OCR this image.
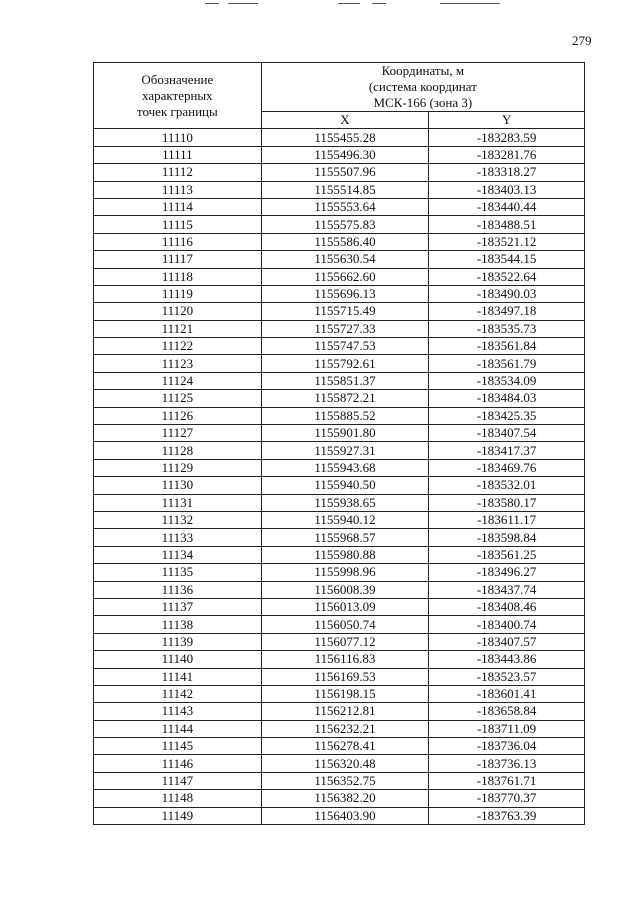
279
Обозначение
характерных
точек границы	Координаты, м
(система координат
МСК-166 (зона 3)	

	X	Y
11110	1155455.28	-183283.59
11111	1155496.30	-183281.76
11112	1155507.96	-183318.27
11113	1155514.85	-183403.13
11114	1155553.64	-183440.44
11115	1155575.83	-183488.51
11116	1155586.40	-183521.12
11117	1155630.54	-183544.15
11118	1155662.60	-183522.64
11119	1155696.13	-183490.03
11120	1155715.49	-183497.18
11121	1155727.33	-183535.73
11122	1155747.53	-183561.84
11123	1155792.61	-183561.79
11124	1155851.37	-183534.09
11125	1155872.21	-183484.03
11126	1155885.52	-183425.35
11127	1155901.80	-183407.54
11128	1155927.31	-183417.37
11129	1155943.68	-183469.76
11130	1155940.50	-183532.01
11131	1155938.65	-183580.17
11132	1155940.12	-183611.17
11133	1155968.57	-183598.84
11134	1155980.88	-183561.25
11135	1155998.96	-183496.27
11136	1156008.39	-183437.74
11137	1156013.09	-183408.46
11138	1156050.74	-183400.74
11139	1156077.12	-183407.57
11140	1156116.83	-183443.86
11141	1156169.53	-183523.57
11142	1156198.15	-183601.41
11143	1156212.81	-183658.84
11144	1156232.21	-183711.09
11145	1156278.41	-183736.04
11146	1156320.48	-183736.13
11147	1156352.75	-183761.71
11148	1156382.20	-183770.37
11149	1156403.90	-183763.39
